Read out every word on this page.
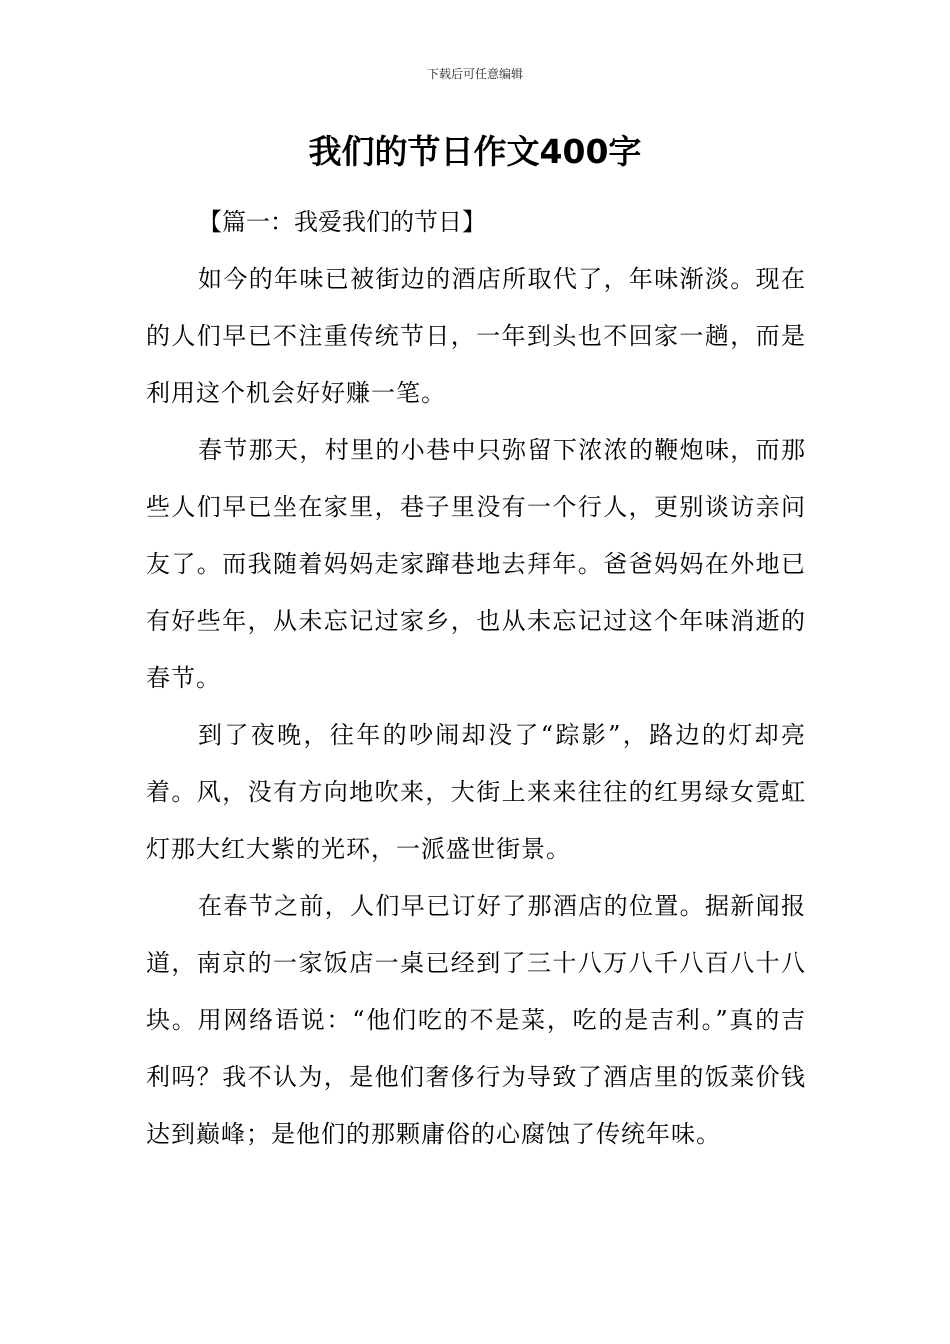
下载后可任意编辑
我们的节日作文400字

【篇一：我爱我们的节日】

如今的年味已被街边的酒店所取代了，年味渐淡。现在的人们早已不注重传统节日，一年到头也不回家一趟，而是利用这个机会好好赚一笔。

春节那天，村里的小巷中只弥留下浓浓的鞭炮味，而那些人们早已坐在家里，巷子里没有一个行人，更别谈访亲问友了。而我随着妈妈走家蹿巷地去拜年。爸爸妈妈在外地已有好些年，从未忘记过家乡，也从未忘记过这个年味消逝的春节。

到了夜晚，往年的吵闹却没了“踪影”，路边的灯却亮着。风，没有方向地吹来，大街上来来往往的红男绿女霓虹灯那大红大紫的光环，一派盛世街景。

在春节之前，人们早已订好了那酒店的位置。据新闻报道，南京的一家饭店一桌已经到了三十八万八千八百八十八块。用网络语说：“他们吃的不是菜，吃的是吉利。”真的吉利吗？我不认为，是他们奢侈行为导致了酒店里的饭菜价钱达到巅峰；是他们的那颗庸俗的心腐蚀了传统年味。
